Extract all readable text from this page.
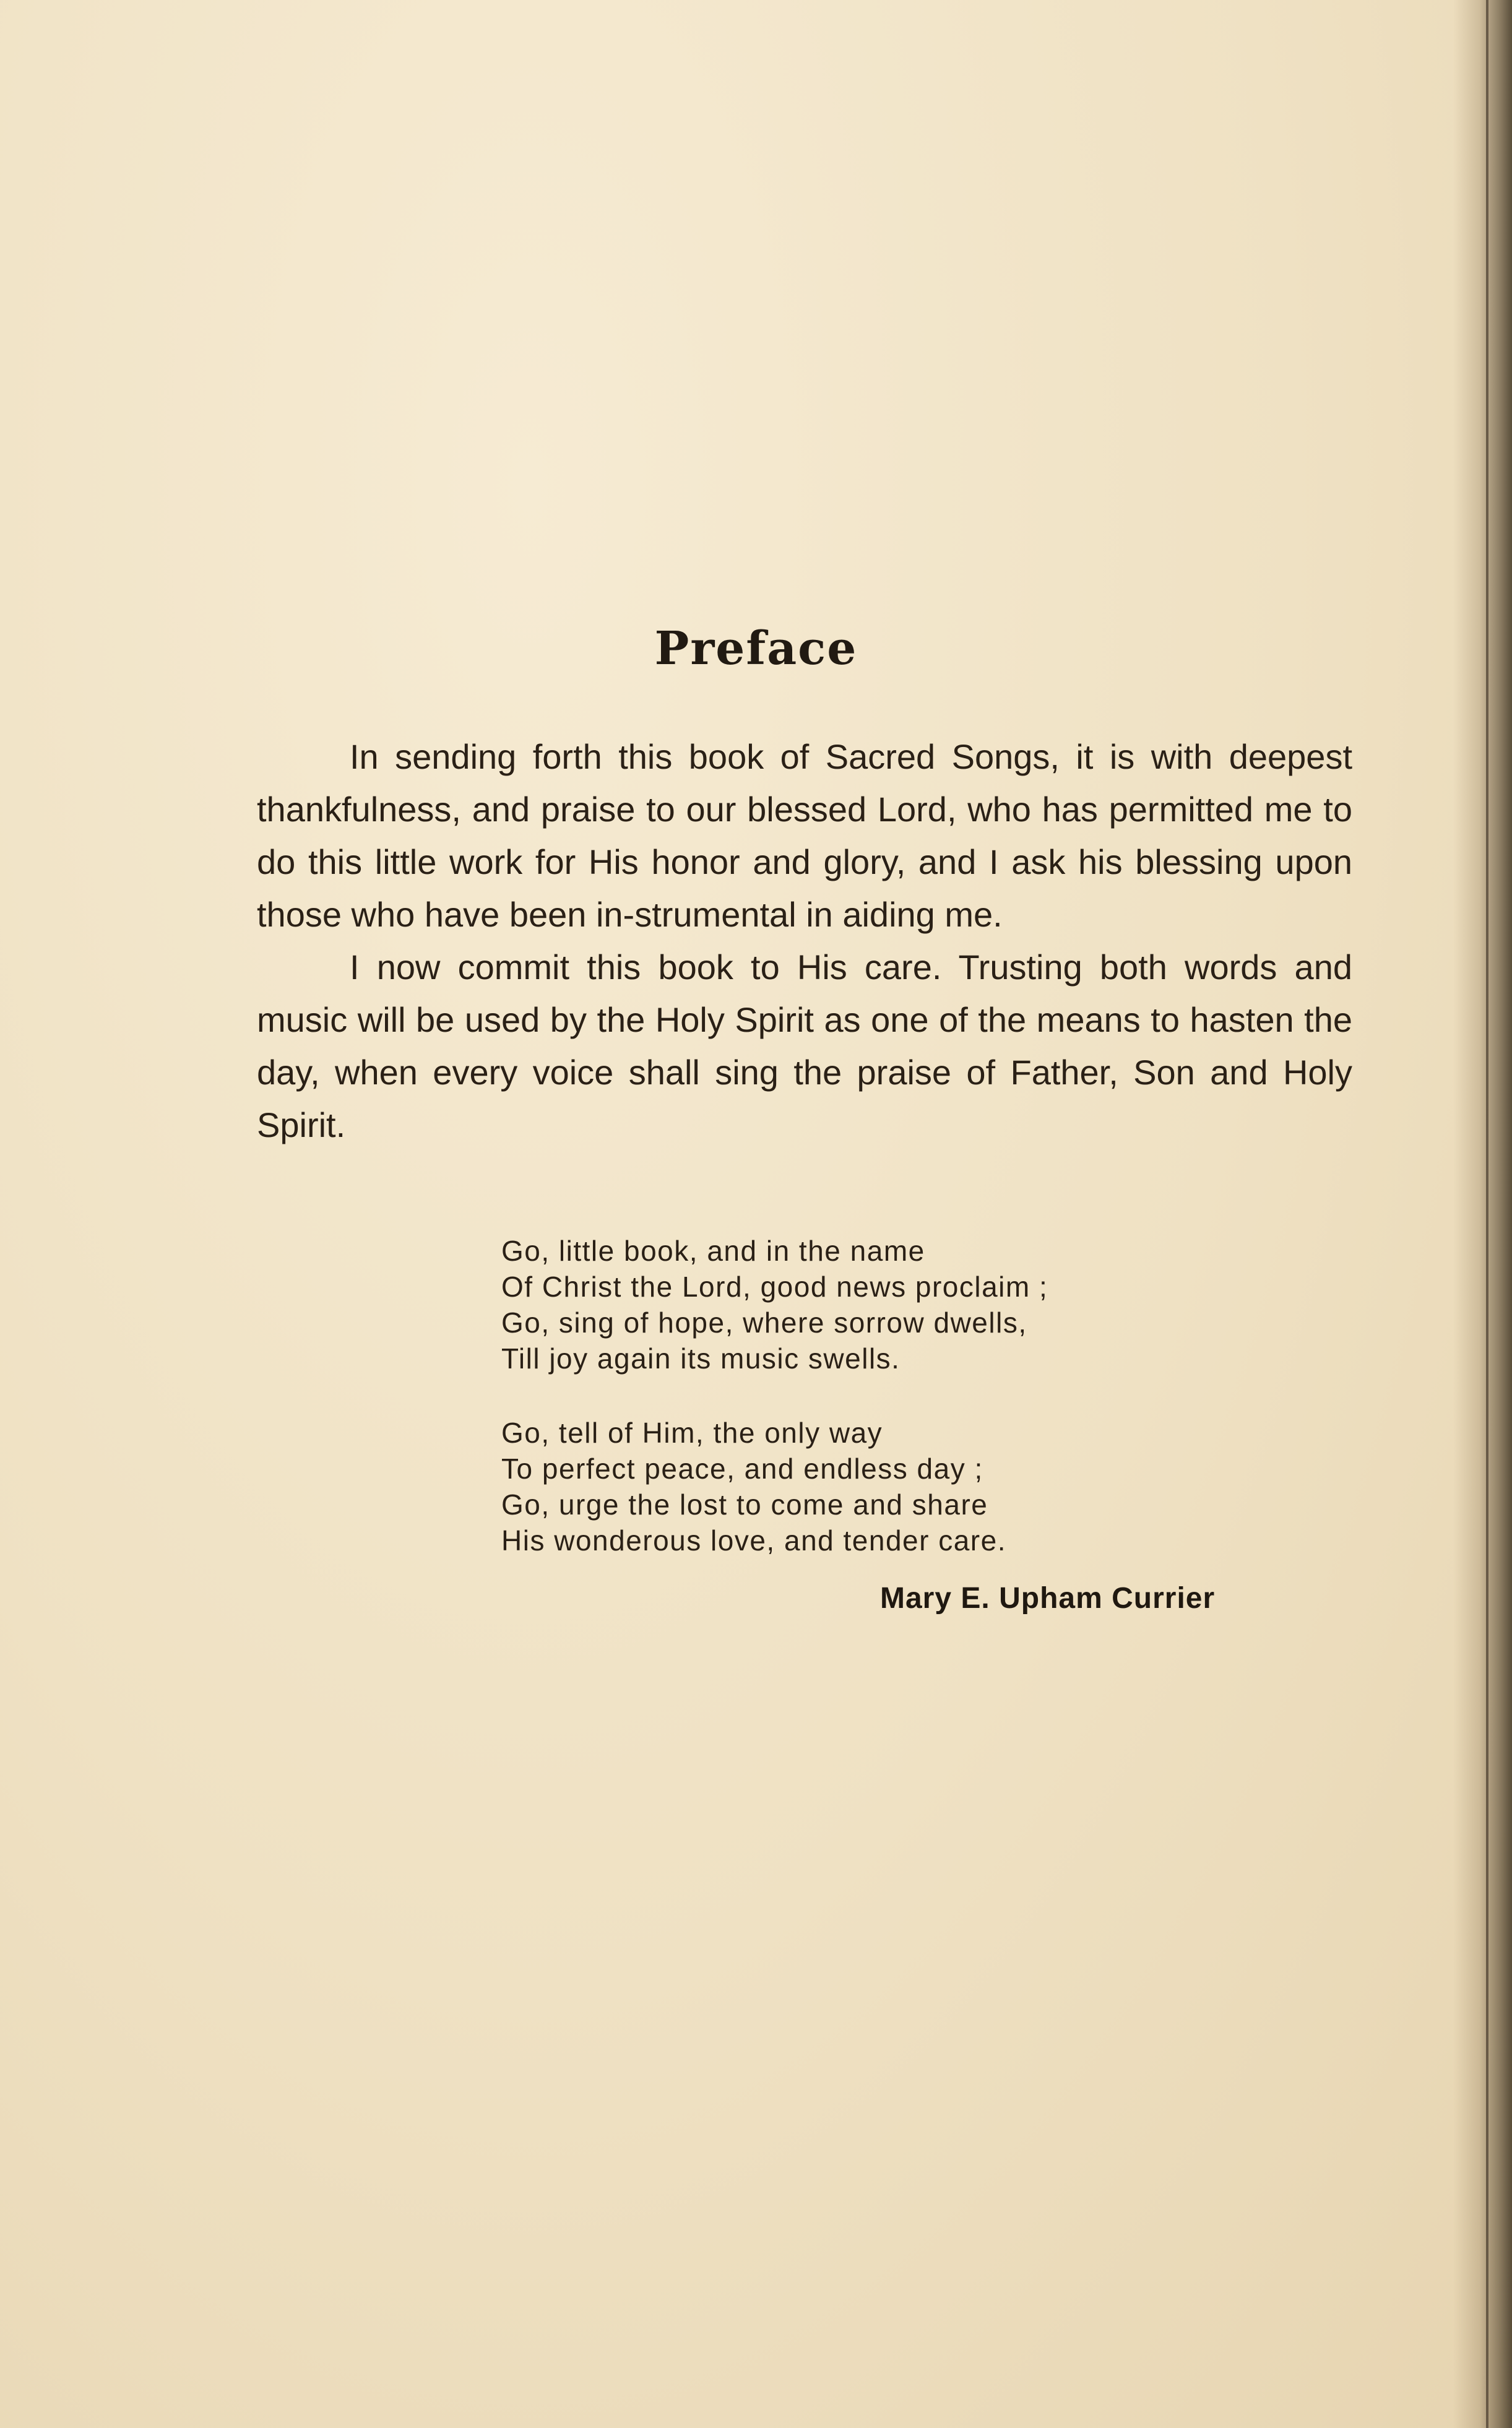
Preface

In sending forth this book of Sacred Songs, it is with deepest thankfulness, and praise to our blessed Lord, who has permitted me to do this little work for His honor and glory, and I ask his blessing upon those who have been in-strumental in aiding me.

I now commit this book to His care. Trusting both words and music will be used by the Holy Spirit as one of the means to hasten the day, when every voice shall sing the praise of Father, Son and Holy Spirit.

Go, little book, and in the name
Of Christ the Lord, good news proclaim ;
Go, sing of hope, where sorrow dwells,
Till joy again its music swells.
Go, tell of Him, the only way
To perfect peace, and endless day ;
Go, urge the lost to come and share
His wonderous love, and tender care.
Mary E. Upham Currier
